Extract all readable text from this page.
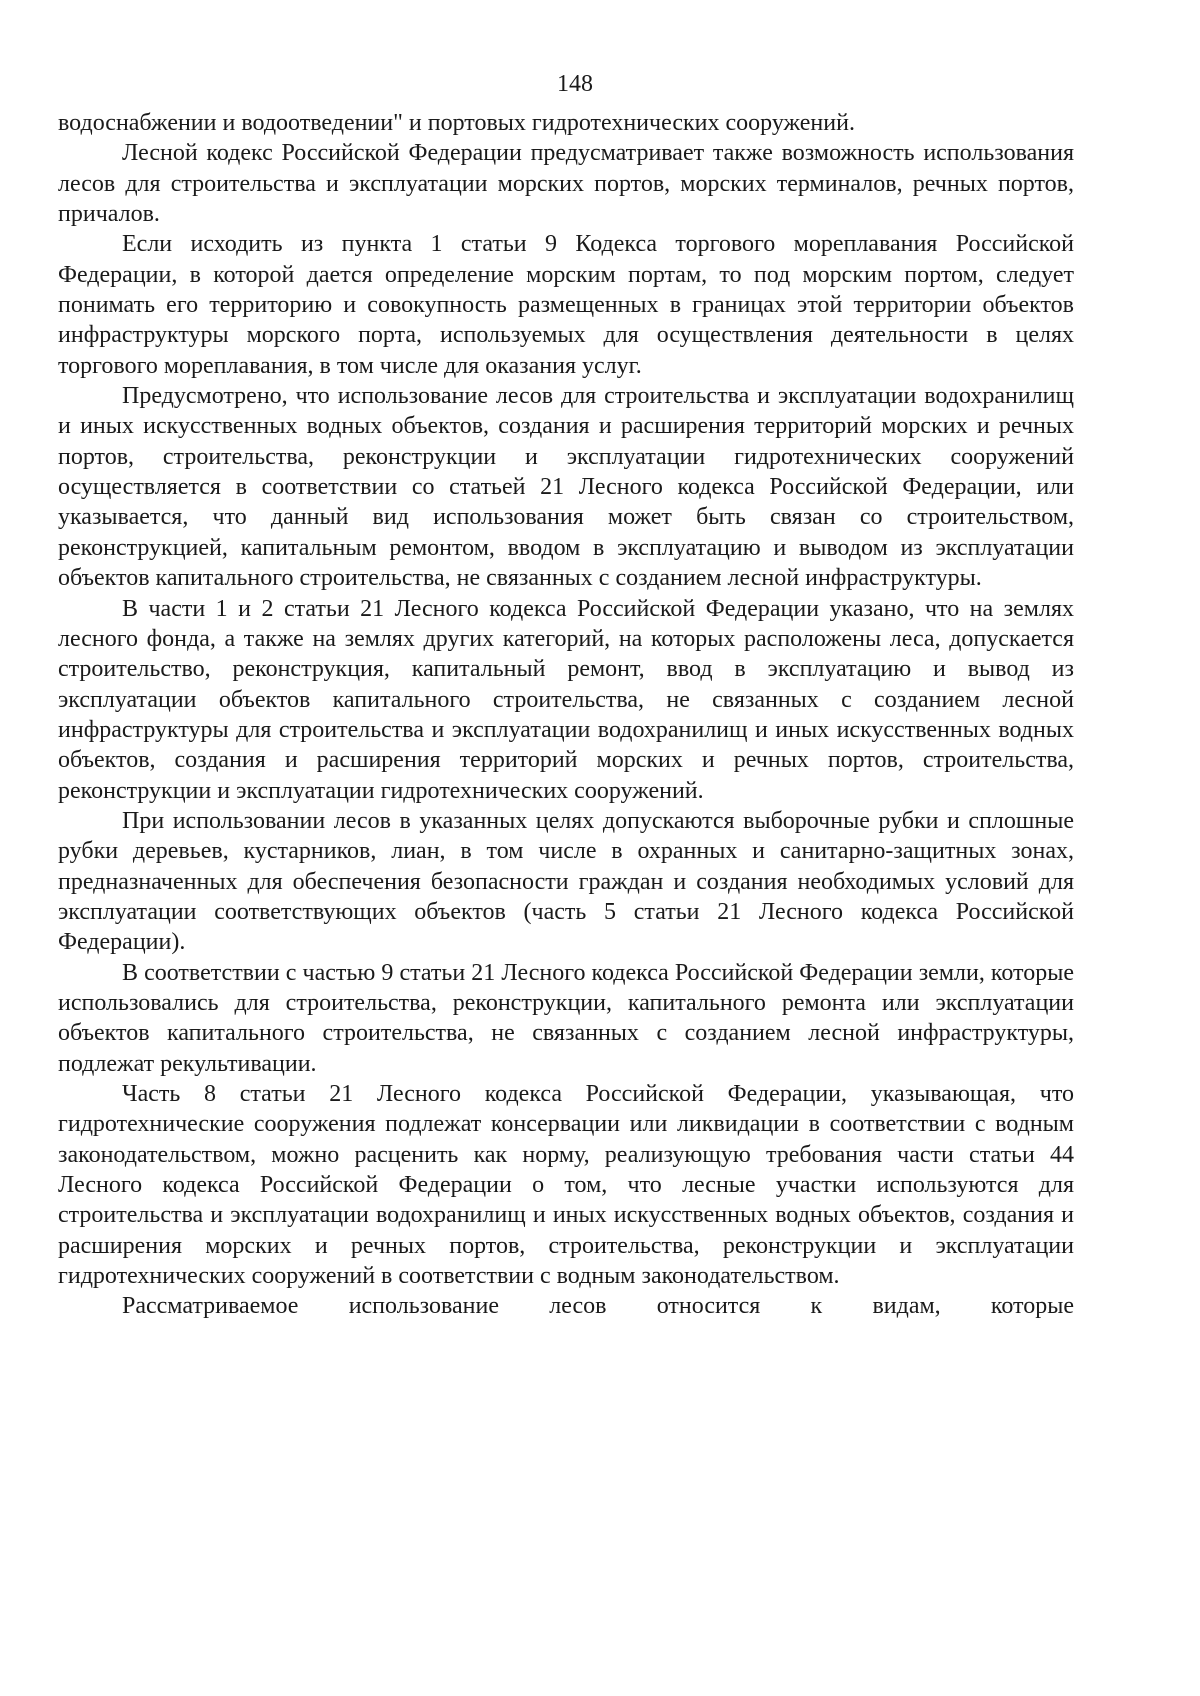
148

водоснабжении и водоотведении" и портовых гидротехнических сооружений.

Лесной кодекс Российской Федерации предусматривает также возможность использования лесов для строительства и эксплуатации морских портов, морских терминалов, речных портов, причалов.

Если исходить из пункта 1 статьи 9 Кодекса торгового мореплавания Российской Федерации, в которой дается определение морским портам, то под морским портом, следует понимать его территорию и совокупность размещенных в границах этой территории объектов инфраструктуры морского порта, используемых для осуществления деятельности в целях торгового мореплавания, в том числе для оказания услуг.

Предусмотрено, что использование лесов для строительства и эксплуатации водохранилищ и иных искусственных водных объектов, создания и расширения территорий морских и речных портов, строительства, реконструкции и эксплуатации гидротехнических сооружений осуществляется в соответствии со статьей 21 Лесного кодекса Российской Федерации, или указывается, что данный вид использования может быть связан со строительством, реконструкцией, капитальным ремонтом, вводом в эксплуатацию и выводом из эксплуатации объектов капитального строительства, не связанных с созданием лесной инфраструктуры.

В части 1 и 2 статьи 21 Лесного кодекса Российской Федерации указано, что на землях лесного фонда, а также на землях других категорий, на которых расположены леса, допускается строительство, реконструкция, капитальный ремонт, ввод в эксплуатацию и вывод из эксплуатации объектов капитального строительства, не связанных с созданием лесной инфраструктуры для строительства и эксплуатации водохранилищ и иных искусственных водных объектов, создания и расширения территорий морских и речных портов, строительства, реконструкции и эксплуатации гидротехнических сооружений.

При использовании лесов в указанных целях допускаются выборочные рубки и сплошные рубки деревьев, кустарников, лиан, в том числе в охранных и санитарно-защитных зонах, предназначенных для обеспечения безопасности граждан и создания необходимых условий для эксплуатации соответствующих объектов (часть 5 статьи 21 Лесного кодекса Российской Федерации).

В соответствии с частью 9 статьи 21 Лесного кодекса Российской Федерации земли, которые использовались для строительства, реконструкции, капитального ремонта или эксплуатации объектов капитального строительства, не связанных с созданием лесной инфраструктуры, подлежат рекультивации.

Часть 8 статьи 21 Лесного кодекса Российской Федерации, указывающая, что гидротехнические сооружения подлежат консервации или ликвидации в соответствии с водным законодательством, можно расценить как норму, реализующую требования части статьи 44 Лесного кодекса Российской Федерации о том, что лесные участки используются для строительства и эксплуатации водохранилищ и иных искусственных водных объектов, создания и расширения морских и речных портов, строительства, реконструкции и эксплуатации гидротехнических сооружений в соответствии с водным законодательством.

Рассматриваемое использование лесов относится к видам, которые
